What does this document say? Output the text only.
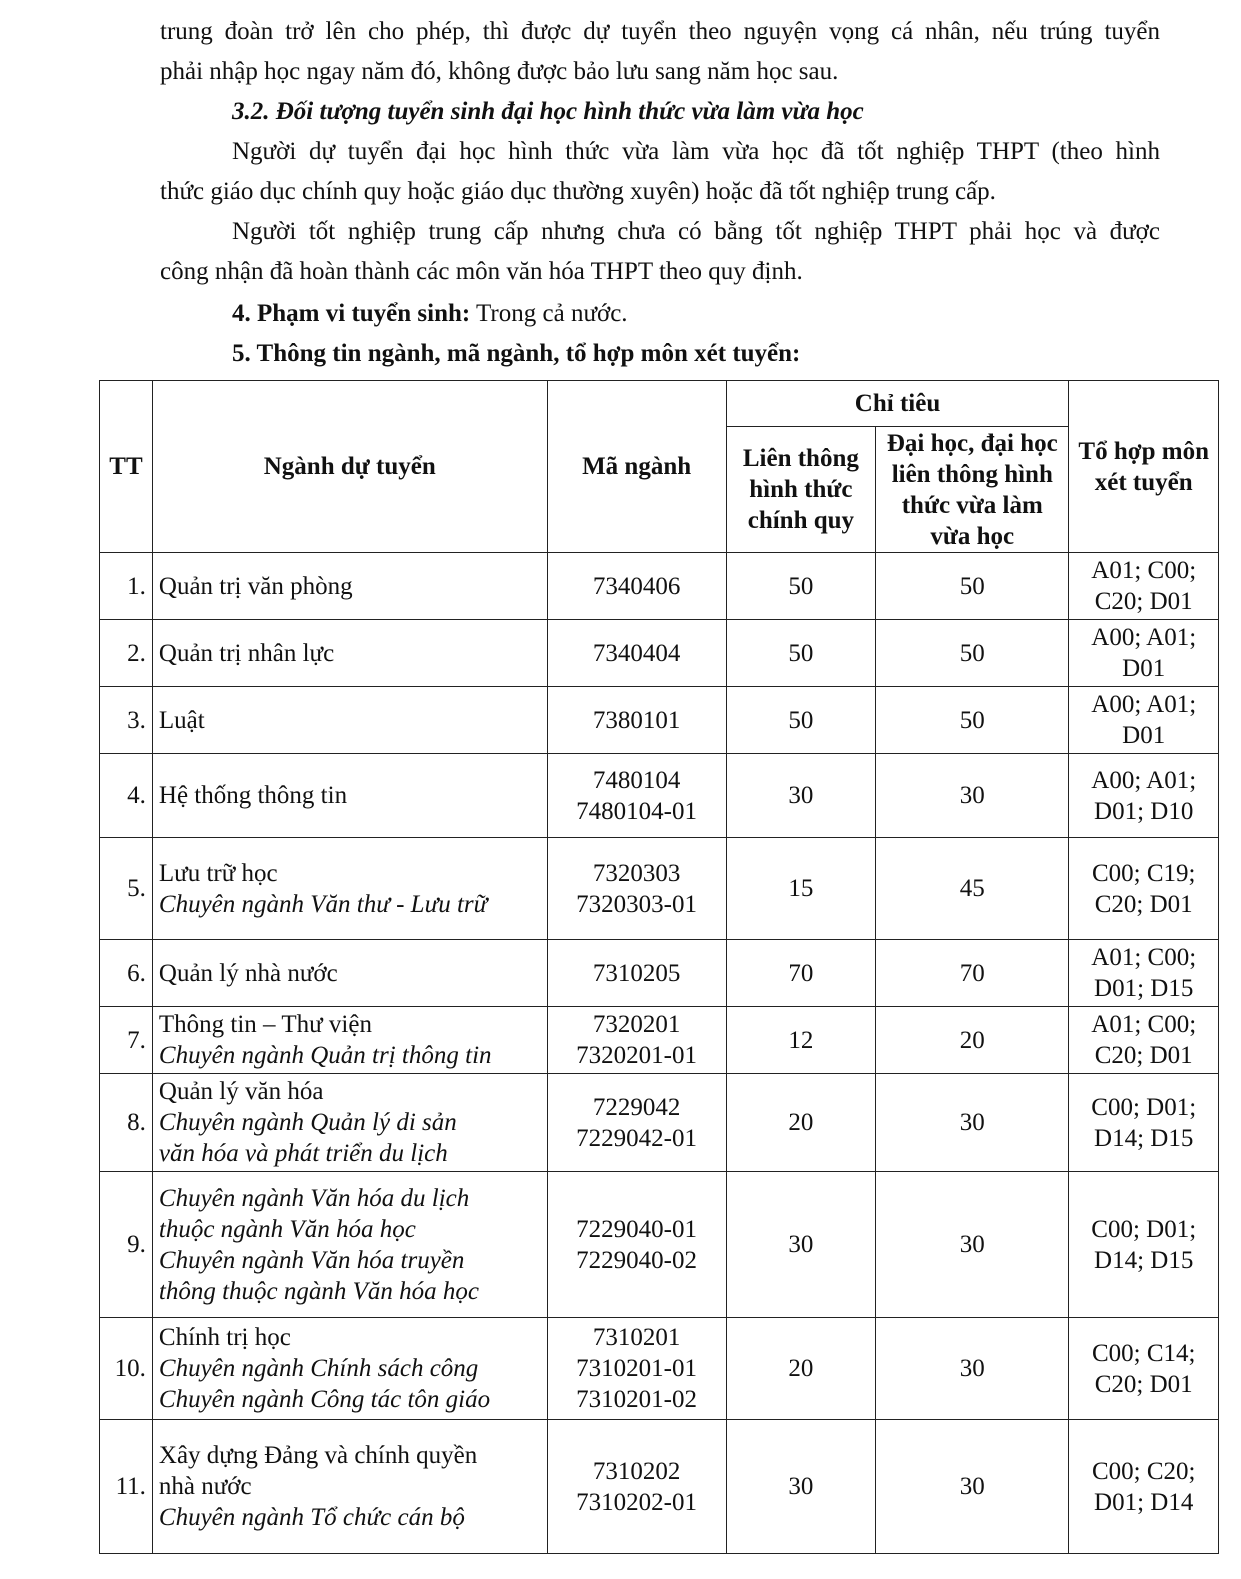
trung đoàn trở lên cho phép, thì được dự tuyển theo nguyện vọng cá nhân, nếu trúng tuyển
phải nhập học ngay năm đó, không được bảo lưu sang năm học sau.

3.2. Đối tượng tuyển sinh đại học hình thức vừa làm vừa học

Người dự tuyển đại học hình thức vừa làm vừa học đã tốt nghiệp THPT (theo hình
thức giáo dục chính quy hoặc giáo dục thường xuyên) hoặc đã tốt nghiệp trung cấp.

Người tốt nghiệp trung cấp nhưng chưa có bằng tốt nghiệp THPT phải học và được
công nhận đã hoàn thành các môn văn hóa THPT theo quy định.

4. Phạm vi tuyển sinh: Trong cả nước.

5. Thông tin ngành, mã ngành, tổ hợp môn xét tuyển:

TT	Ngành dự tuyển	Mã ngành	Chỉ tiêu		Tổ hợp môn xét tuyển
			Liên thông hình thức chính quy	Đại học, đại học liên thông hình thức vừa làm vừa học	
1.	Quản trị văn phòng	7340406	50	50	A01; C00;
C20; D01

2.	Quản trị nhân lực	7340404	50	50	A00; A01;
D01

3.	Luật	7380101	50	50	A00; A01;
D01

4.	Hệ thống thông tin	7480104
7480104-01	30	30	A00; A01;
D01; D10

5.	Lưu trữ học
Chuyên ngành Văn thư - Lưu trữ	7320303
7320303-01	15	45	C00; C19;
C20; D01

6.	Quản lý nhà nước	7310205	70	70	A01; C00;
D01; D15

7.	Thông tin – Thư viện
Chuyên ngành Quản trị thông tin	7320201
7320201-01	12	20	A01; C00;
C20; D01

8.	Quản lý văn hóa
Chuyên ngành Quản lý di sản
văn hóa và phát triển du lịch	7229042
7229042-01	20	30	C00; D01;
D14; D15

9.	Chuyên ngành Văn hóa du lịch
thuộc ngành Văn hóa học
Chuyên ngành Văn hóa truyền
thông thuộc ngành Văn hóa học	7229040-01
7229040-02	30	30	C00; D01;
D14; D15

10.	Chính trị học
Chuyên ngành Chính sách công
Chuyên ngành Công tác tôn giáo	7310201
7310201-01
7310201-02	20	30	C00; C14;
C20; D01

11.	Xây dựng Đảng và chính quyền
nhà nước
Chuyên ngành Tổ chức cán bộ	7310202
7310202-01	30	30	C00; C20;
D01; D14
